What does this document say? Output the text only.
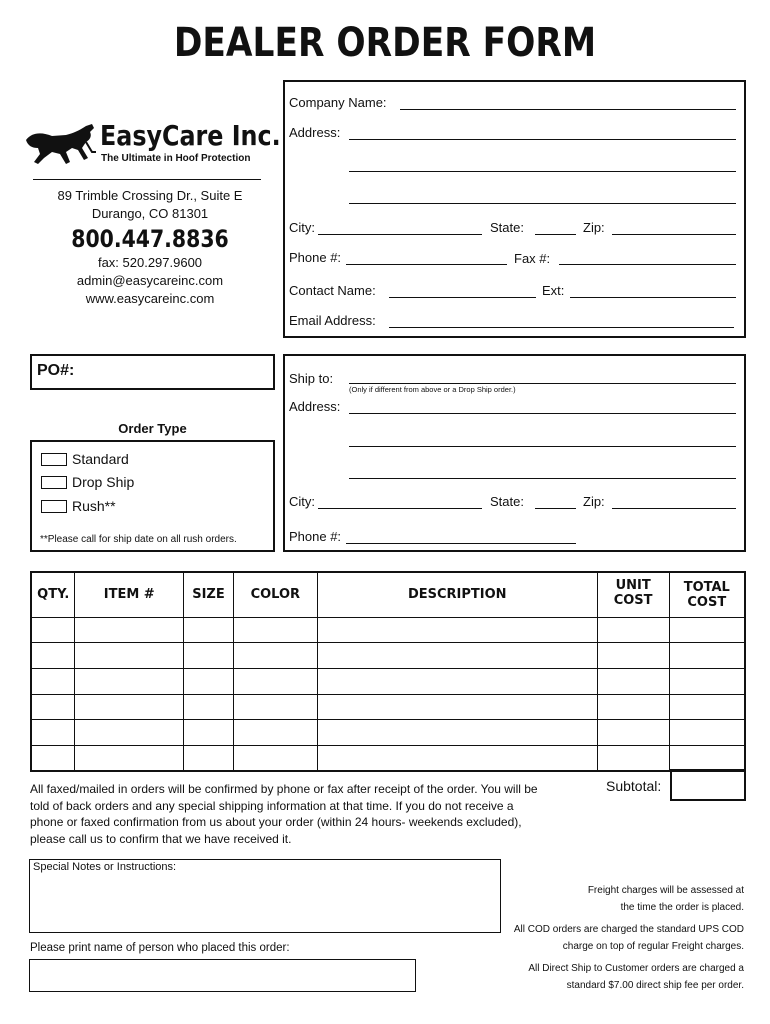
DEALER ORDER FORM
EasyCare Inc.
The Ultimate in Hoof Protection
89 Trimble Crossing Dr., Suite E
Durango, CO 81301
800.447.8836
fax: 520.297.9600
admin@easycareinc.com
www.easycareinc.com
Company Name:
Address:
City:	State:	Zip:
Phone #:	Fax #:
Contact Name:	Ext:
Email Address:
PO#:
Order Type
Standard
Drop Ship
Rush**
**Please call for ship date on all rush orders.
Ship to:
(Only if different from above or a Drop Ship order.)
Address:
City:	State:	Zip:
Phone #:
QTY.	ITEM #	SIZE	COLOR	DESCRIPTION	UNIT COST	TOTAL COST

Subtotal:
All faxed/mailed in orders will be confirmed by phone or fax after receipt of the order. You will be told of back orders and any special shipping information at that time. If you do not receive a phone or faxed confirmation from us about your order (within 24 hours- weekends excluded), please call us to confirm that we have received it.
Special Notes or Instructions:
Please print name of person who placed this order:
Freight charges will be assessed at the time the order is placed.
All COD orders are charged the standard UPS COD charge on top of regular Freight charges.
All Direct Ship to Customer orders are charged a standard $7.00 direct ship fee per order.
